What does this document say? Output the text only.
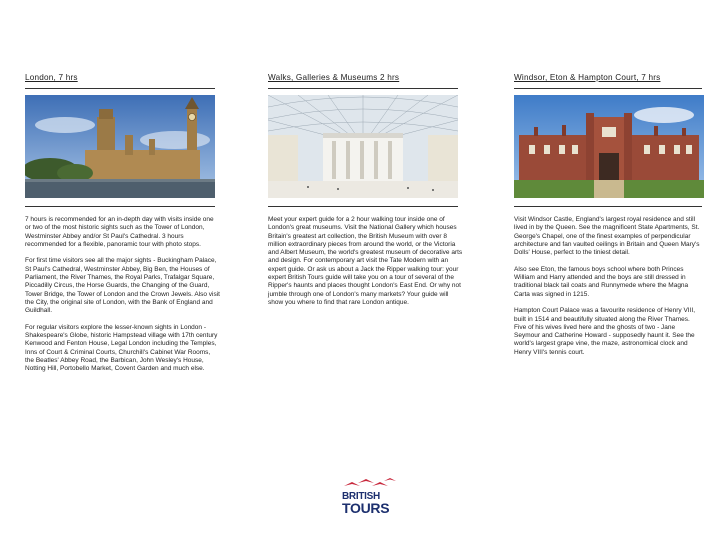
London, 7 hrs

7 hours is recommended for an in-depth day with visits inside one or two of the most historic sights such as the Tower of London, Westminster Abbey and/or St Paul's Cathedral. 3 hours recommended for a flexible, panoramic tour with photo stops.

For first time visitors see all the major sights - Buckingham Palace, St Paul's Cathedral, Westminster Abbey, Big Ben, the Houses of Parliament, the River Thames, the Royal Parks, Trafalgar Square, Piccadilly Circus, the Horse Guards, the Changing of the Guard, Tower Bridge, the Tower of London and the Crown Jewels. Also visit the City, the original site of London, with the Bank of England and Guildhall.

For regular visitors explore the lesser-known sights in London - Shakespeare's Globe, historic Hampstead village with 17th century Kenwood and Fenton House, Legal London including the Temples, Inns of Court & Criminal Courts, Churchill's Cabinet War Rooms, the Beatles' Abbey Road, the Barbican, John Wesley's House, Notting Hill, Portobello Market, Covent Garden and much else.

Walks, Galleries & Museums 2 hrs

Meet your expert guide for a 2 hour walking tour inside one of London's great museums. Visit the National Gallery which houses Britain's greatest art collection, the British Museum with over 8 million extraordinary pieces from around the world, or the Victoria and Albert Museum, the world's greatest museum of decorative arts and design. For contemporary art visit the Tate Modern with an expert guide. Or ask us about a Jack the Ripper walking tour: your expert British Tours guide will take you on a tour of several of the Ripper's haunts and places thought London's East End. Or why not jumble through one of London's many markets? Your guide will show you where to find that rare London antique.

Windsor, Eton & Hampton Court, 7 hrs

Visit Windsor Castle, England's largest royal residence and still lived in by the Queen. See the magnificent State Apartments, St. George's Chapel, one of the finest examples of perpendicular architecture and fan vaulted ceilings in Britain and Queen Mary's Dolls' House, perfect to the tiniest detail.

Also see Eton, the famous boys school where both Princes William and Harry attended and the boys are still dressed in traditional black tail coats and Runnymede where the Magna Carta was signed in 1215.

Hampton Court Palace was a favourite residence of Henry VIII, built in 1514 and beautifully situated along the River Thames. Five of his wives lived here and the ghosts of two - Jane Seymour and Catherine Howard - supposedly haunt it. See the world's largest grape vine, the maze, astronomical clock and Henry VIII's tennis court.

BRITISH
TOURS
